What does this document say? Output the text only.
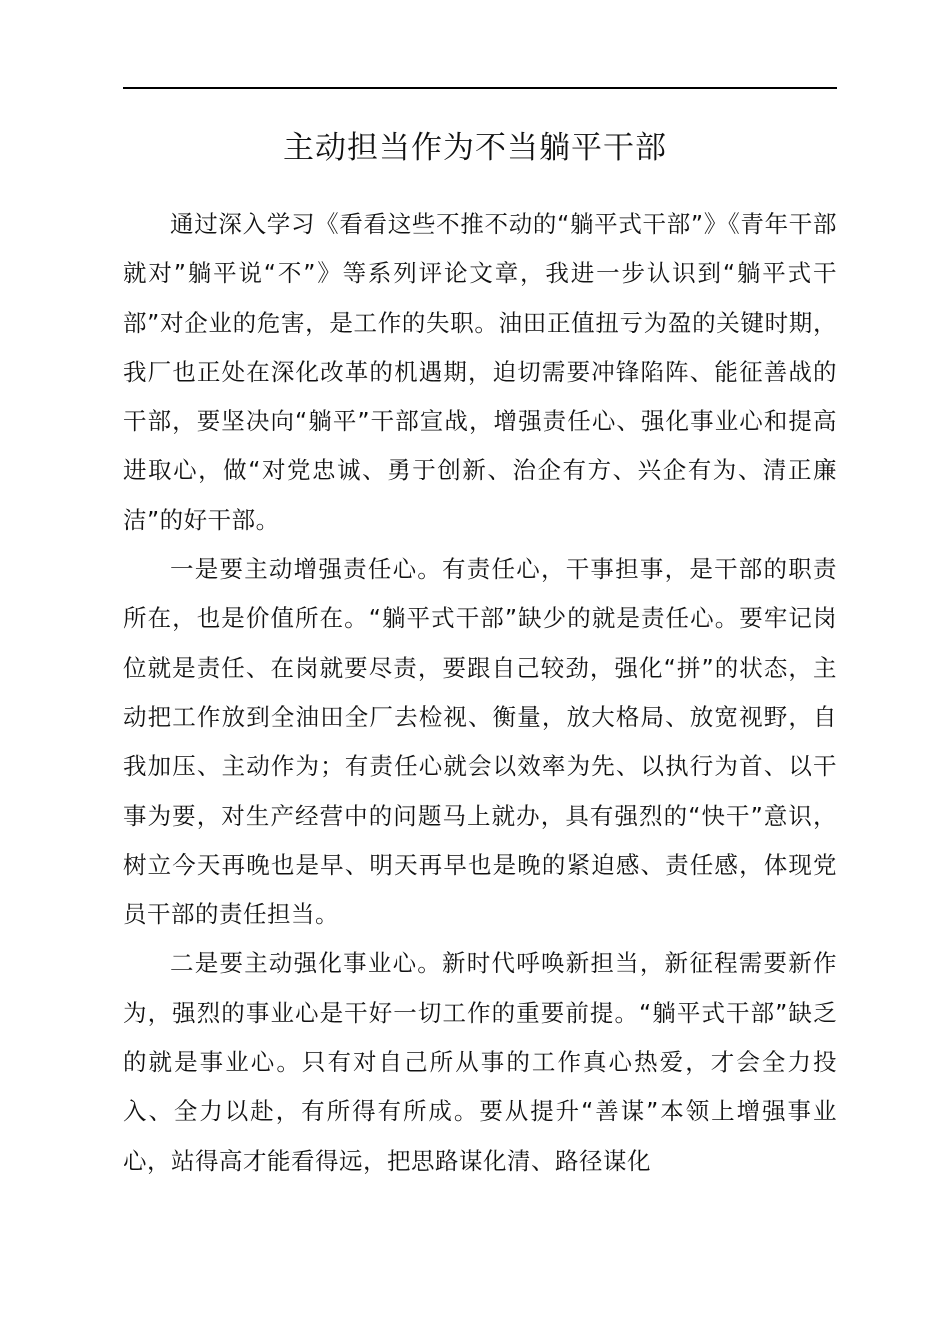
主动担当作为不当躺平干部

通过深入学习《看看这些不推不动的“躺平式干部”》《青年干部就对”躺平说“不”》等系列评论文章，我进一步认识到“躺平式干部”对企业的危害，是工作的失职。油田正值扭亏为盈的关键时期，我厂也正处在深化改革的机遇期，迫切需要冲锋陷阵、能征善战的干部，要坚决向“躺平”干部宣战，增强责任心、强化事业心和提高进取心，做“对党忠诚、勇于创新、治企有方、兴企有为、清正廉洁”的好干部。

一是要主动增强责任心。有责任心，干事担事，是干部的职责所在，也是价值所在。“躺平式干部”缺少的就是责任心。要牢记岗位就是责任、在岗就要尽责，要跟自己较劲，强化“拼”的状态，主动把工作放到全油田全厂去检视、衡量，放大格局、放宽视野，自我加压、主动作为；有责任心就会以效率为先、以执行为首、以干事为要，对生产经营中的问题马上就办，具有强烈的“快干”意识，树立今天再晚也是早、明天再早也是晚的紧迫感、责任感，体现党员干部的责任担当。

二是要主动强化事业心。新时代呼唤新担当，新征程需要新作为，强烈的事业心是干好一切工作的重要前提。“躺平式干部”缺乏的就是事业心。只有对自己所从事的工作真心热爱，才会全力投入、全力以赴，有所得有所成。要从提升“善谋”本领上增强事业心，站得高才能看得远，把思路谋化清、路径谋化
